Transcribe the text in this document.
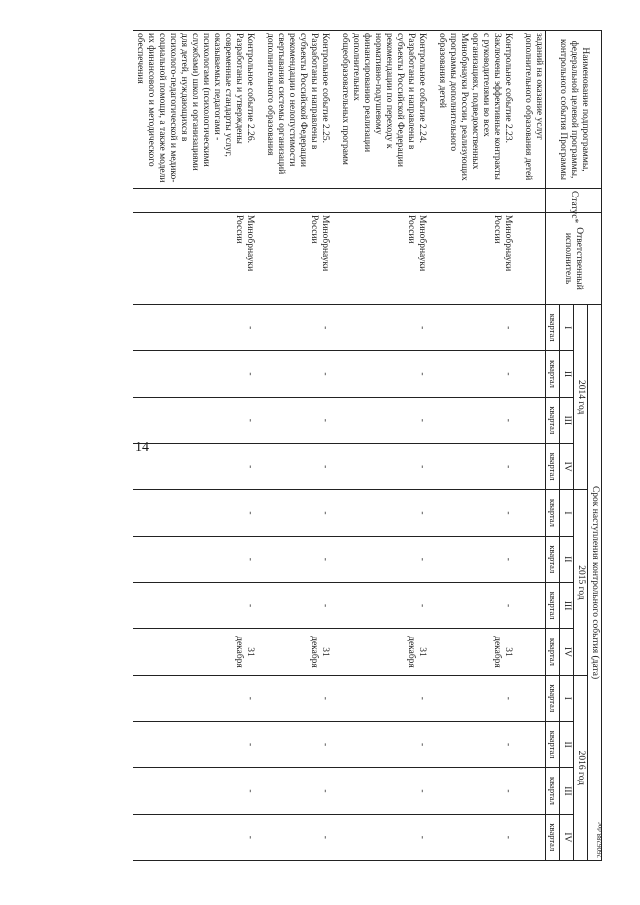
14
2606288.doc
Наименование подпрограммы, федеральной целевой программы, контрольного события Программы	Статус*	Ответственный исполнитель	Срок наступления контрольного события (дата)											
			2014 год				2015 год				2016 год			
			I	II	III	IV	I	II	III	IV	I	II	III	IV
			квартал	квартал	квартал	квартал	квартал	квартал	квартал	квартал	квартал	квартал	квартал	квартал
заданий на оказание услуг дополнительного образования детей														
Контрольное событие 2.23. Заключены эффективные контракты с руководителями во всех организациях, подведомственных Минобрнауки России, реализующих программы дополнительного образования детей		Минобрнауки России	-	-	-	-	-	-	-	31 декабря	-	-	-	-
Контрольное событие 2.24. Разработаны и направлены в субъекты Российской Федерации рекомендации по переходу к нормативно-подушевому финансированию реализации дополнительных общеобразовательных программ		Минобрнауки России	-	-	-	-	-	-	-	31 декабря	-	-	-	-
Контрольное событие 2.25. Разработаны и направлены в субъекты Российской Федерации рекомендации о нелопустимости свертывания системы организаций дополнительного образования		Минобрнауки России	-	-	-	-	-	-	-	31 декабря	-	-	-	-
Контрольное событие 2.26. Разработаны и утверждены современные стандарты услуг, оказываемых педагогами - психологами (психологическими службами) школ и организациями для детей, нуждающихся в психолого-педагогической и медико-социальной помощи, а также модели их финансового и методического обеспечения		Минобрнауки России	-	-	-	-	-	-	-	31 декабря	-	-	-	-
